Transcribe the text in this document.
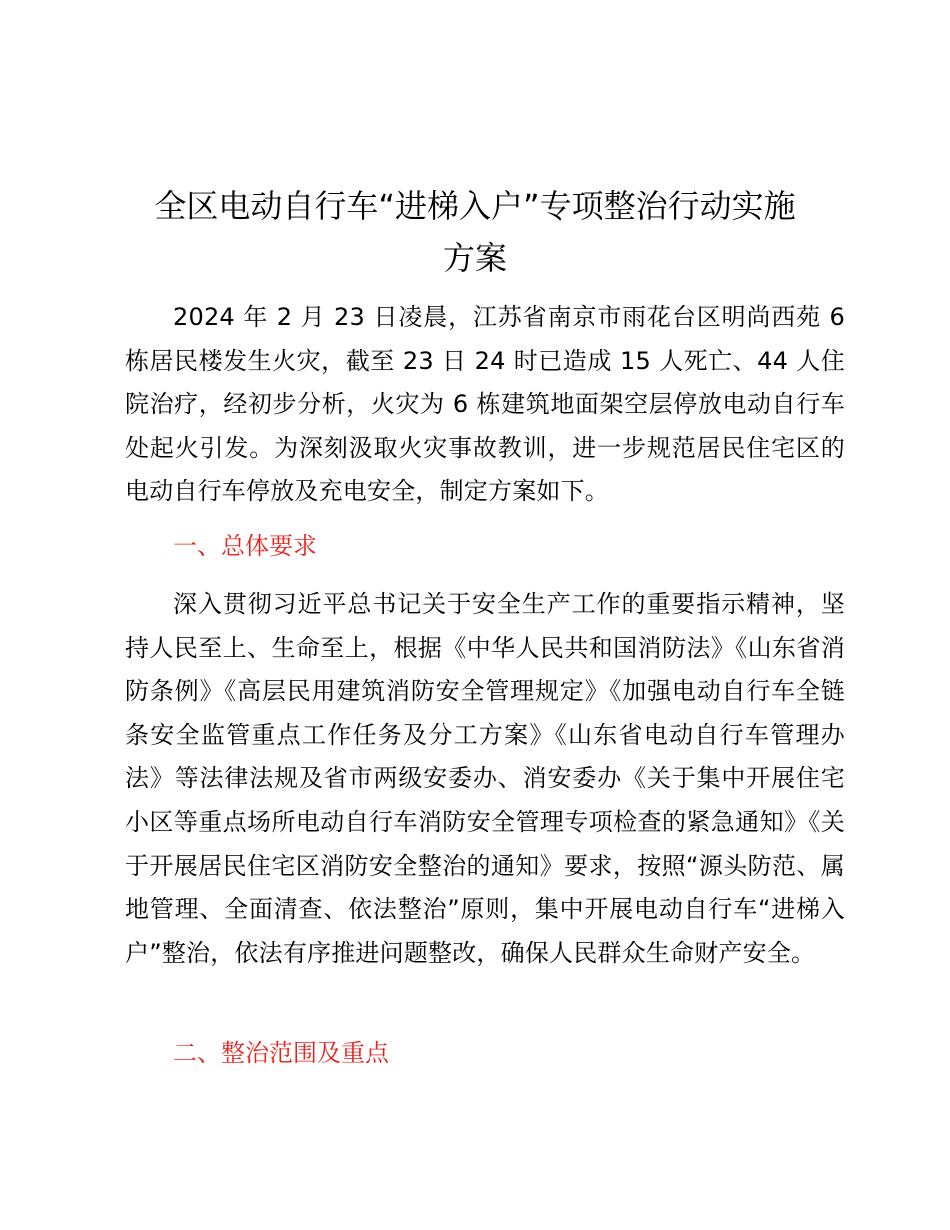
全区电动自行车“进梯入户”专项整治行动实施
方案

2024 年 2 月 23 日凌晨，江苏省南京市雨花台区明尚西苑 6 栋居民楼发生火灾，截至 23 日 24 时已造成 15 人死亡、44 人住院治疗，经初步分析，火灾为 6 栋建筑地面架空层停放电动自行车处起火引发。为深刻汲取火灾事故教训，进一步规范居民住宅区的电动自行车停放及充电安全，制定方案如下。

一、总体要求

深入贯彻习近平总书记关于安全生产工作的重要指示精神，坚持人民至上、生命至上，根据《中华人民共和国消防法》《山东省消防条例》《高层民用建筑消防安全管理规定》《加强电动自行车全链条安全监管重点工作任务及分工方案》《山东省电动自行车管理办法》等法律法规及省市两级安委办、消安委办《关于集中开展住宅小区等重点场所电动自行车消防安全管理专项检查的紧急通知》《关于开展居民住宅区消防安全整治的通知》要求，按照“源头防范、属地管理、全面清查、依法整治”原则，集中开展电动自行车“进梯入户”整治，依法有序推进问题整改，确保人民群众生命财产安全。

二、整治范围及重点
